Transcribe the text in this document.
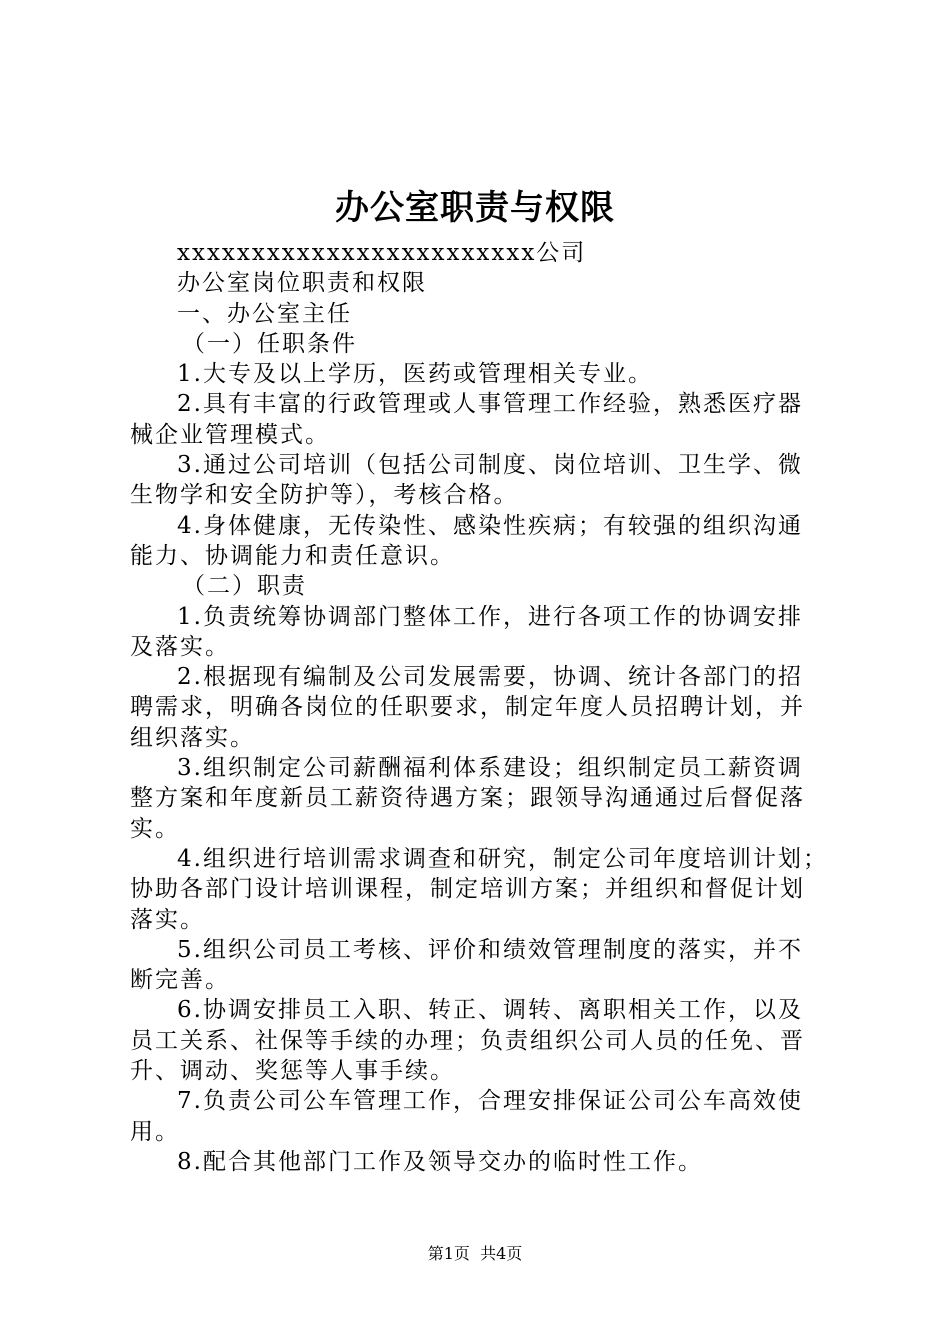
办公室职责与权限
xxxxxxxxxxxxxxxxxxxxxxxx公司
办公室岗位职责和权限
一、办公室主任
（一）任职条件
1.大专及以上学历，医药或管理相关专业。
2.具有丰富的行政管理或人事管理工作经验，熟悉医疗器
械企业管理模式。
3.通过公司培训（包括公司制度、岗位培训、卫生学、微
生物学和安全防护等），考核合格。
4.身体健康，无传染性、感染性疾病；有较强的组织沟通
能力、协调能力和责任意识。
（二）职责
1.负责统筹协调部门整体工作，进行各项工作的协调安排
及落实。
2.根据现有编制及公司发展需要，协调、统计各部门的招
聘需求，明确各岗位的任职要求，制定年度人员招聘计划，并
组织落实。
3.组织制定公司薪酬福利体系建设；组织制定员工薪资调
整方案和年度新员工薪资待遇方案；跟领导沟通通过后督促落
实。
4.组织进行培训需求调查和研究，制定公司年度培训计划；
协助各部门设计培训课程，制定培训方案；并组织和督促计划
落实。
5.组织公司员工考核、评价和绩效管理制度的落实，并不
断完善。
6.协调安排员工入职、转正、调转、离职相关工作，以及
员工关系、社保等手续的办理；负责组织公司人员的任免、晋
升、调动、奖惩等人事手续。
7.负责公司公车管理工作，合理安排保证公司公车高效使
用。
8.配合其他部门工作及领导交办的临时性工作。
第1页  共4页
